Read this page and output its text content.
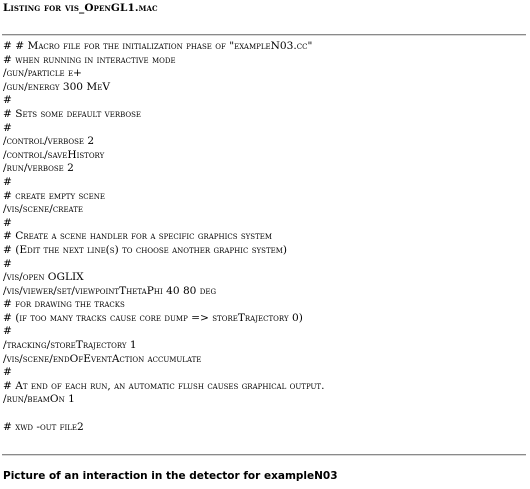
Listing for vis_OpenGL1.mac
# # Macro file for the initialization phase of "exampleN03.cc"
# when running in interactive mode
/gun/particle e+
/gun/energy 300 MeV
#
# Sets some default verbose
#
/control/verbose 2
/control/saveHistory
/run/verbose 2
#
# create empty scene
/vis/scene/create
#
# Create a scene handler for a specific graphics system
# (Edit the next line(s) to choose another graphic system)
#
/vis/open OGLIX
/vis/viewer/set/viewpointThetaPhi 40 80 deg
# for drawing the tracks
# (if too many tracks cause core dump => storeTrajectory 0)
#
/tracking/storeTrajectory 1
/vis/scene/endOfEventAction accumulate
#
# At end of each run, an automatic flush causes graphical output.
/run/beamOn 1
# xwd -out file2
Picture of an interaction in the detector for exampleN03
